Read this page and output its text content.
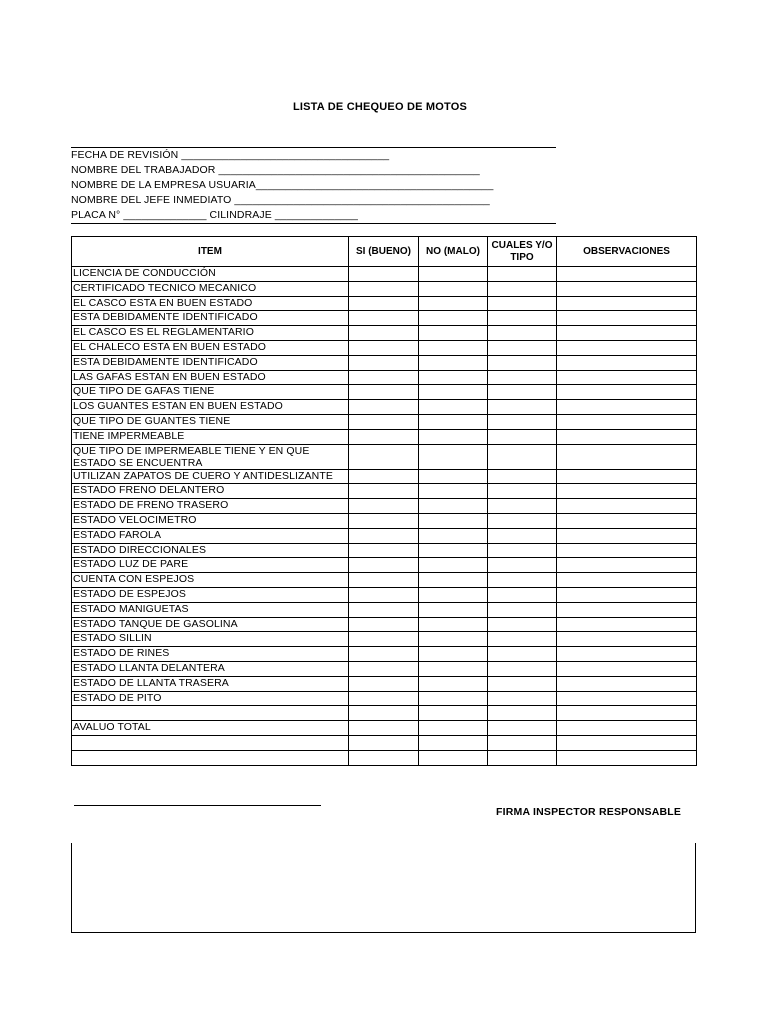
LISTA DE CHEQUEO DE MOTOS
FECHA DE REVISIÓN ___________________________________
NOMBRE DEL TRABAJADOR ____________________________________________
NOMBRE DE LA EMPRESA USUARIA________________________________________
NOMBRE DEL JEFE INMEDIATO ___________________________________________
PLACA N° ______________ CILINDRAJE ______________
ITEM	SI (BUENO)	NO (MALO)	CUALES Y/O TIPO	OBSERVACIONES
LICENCIA DE CONDUCCIÓN				
CERTIFICADO TECNICO MECANICO				
EL CASCO ESTA EN BUEN ESTADO				
ESTA DEBIDAMENTE IDENTIFICADO				
EL CASCO ES EL REGLAMENTARIO				
EL CHALECO ESTA EN BUEN ESTADO				
ESTA DEBIDAMENTE IDENTIFICADO				
LAS GAFAS ESTAN EN BUEN ESTADO				
QUE TIPO DE GAFAS TIENE				
LOS GUANTES ESTAN EN BUEN ESTADO				
QUE TIPO DE GUANTES TIENE				
TIENE IMPERMEABLE				
QUE TIPO DE IMPERMEABLE TIENE Y EN QUE ESTADO SE ENCUENTRA				
UTILIZAN ZAPATOS DE CUERO Y ANTIDESLIZANTE				
ESTADO FRENO DELANTERO				
ESTADO DE FRENO TRASERO				
ESTADO VELOCIMETRO				
ESTADO FAROLA				
ESTADO DIRECCIONALES				
ESTADO LUZ DE PARE				
CUENTA CON ESPEJOS				
ESTADO DE ESPEJOS				
ESTADO MANIGUETAS				
ESTADO TANQUE DE GASOLINA				
ESTADO SILLIN				
ESTADO DE RINES				
ESTADO LLANTA DELANTERA				
ESTADO DE LLANTA TRASERA				
ESTADO DE PITO				

AVALUO TOTAL				

FIRMA INSPECTOR RESPONSABLE
